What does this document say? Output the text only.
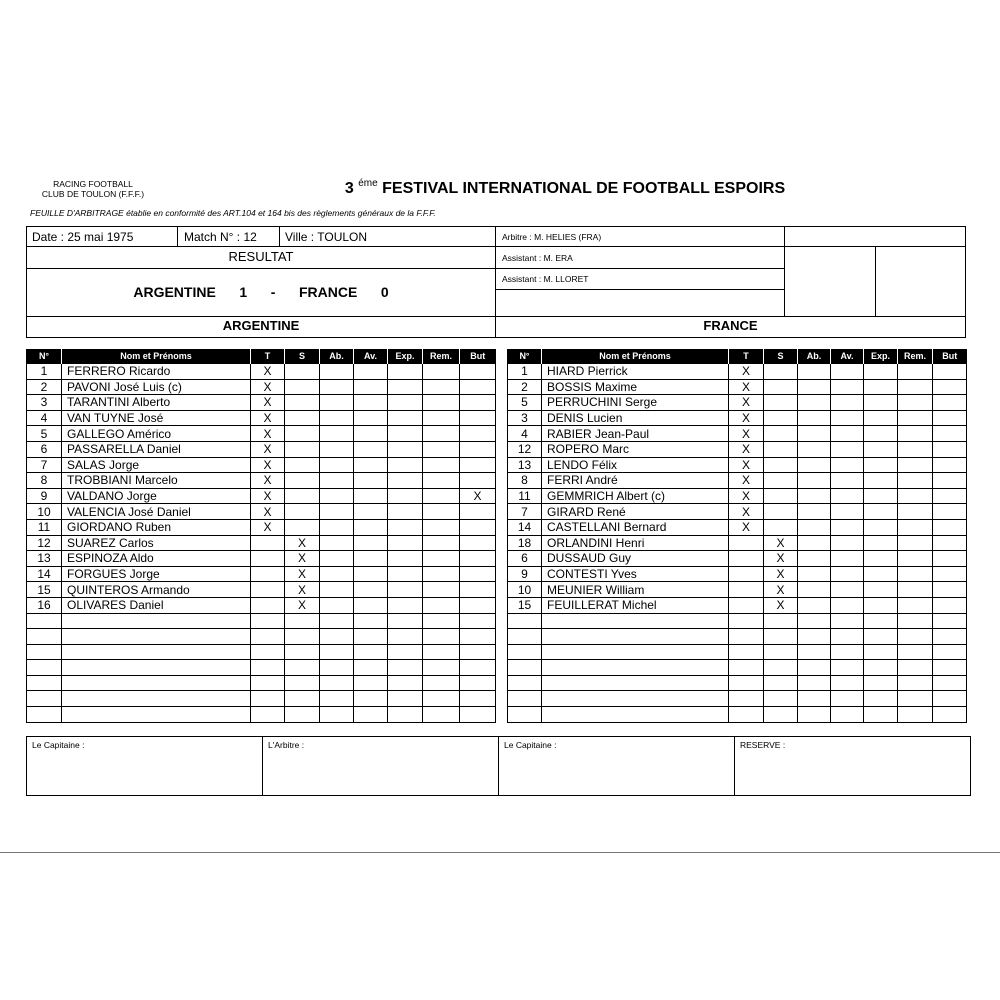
RACING FOOTBALL
CLUB DE TOULON (F.F.F.)	3 $^{éme}$ FESTIVAL INTERNATIONAL DE FOOTBALL ESPOIRS
FEUILLE D'ARBITRAGE établie en conformité des ART.104 et 164 bis des règlements généraux de la F.F.F.
Date : 25 mai 1975	Match N° : 12 Ville : TOULON
RESULTAT
ARGENTINE 1 - FRANCE 0
ARGENTINE
Arbitre : M. HELIES (FRA)
Assistant : M. ERA
Assistant : M. LLORET
FRANCE
N°	Nom et Prénoms	T	S	Ab.	Av.	Exp.	Rem.	But
1	FERRERO Ricardo	X						
2	PAVONI José Luis (c)	X						
3	TARANTINI Alberto	X						
4	VAN TUYNE José	X						
5	GALLEGO Américo	X						
6	PASSARELLA Daniel	X						
7	SALAS Jorge	X						
8	TROBBIANI Marcelo	X						
9	VALDANO Jorge	X						X
10	VALENCIA José Daniel	X						
11	GIORDANO Ruben	X						
12	SUAREZ Carlos		X					
13	ESPINOZA Aldo		X					
14	FORGUES Jorge		X					
15	QUINTEROS Armando		X					
16	OLIVARES Daniel		X					

N°	Nom et Prénoms	T	S	Ab.	Av.	Exp.	Rem.	But
1	HIARD Pierrick	X						
2	BOSSIS Maxime	X						
5	PERRUCHINI Serge	X						
3	DENIS Lucien	X						
4	RABIER Jean-Paul	X						
12	ROPERO Marc	X						
13	LENDO Félix	X						
8	FERRI André	X						
11	GEMMRICH Albert (c)	X						
7	GIRARD René	X						
14	CASTELLANI Bernard	X						
18	ORLANDINI Henri		X					
6	DUSSAUD Guy		X					
9	CONTESTI Yves		X					
10	MEUNIER William		X					
15	FEUILLERAT Michel		X					

Le Capitaine :	L'Arbitre :	Le Capitaine :	RESERVE :
